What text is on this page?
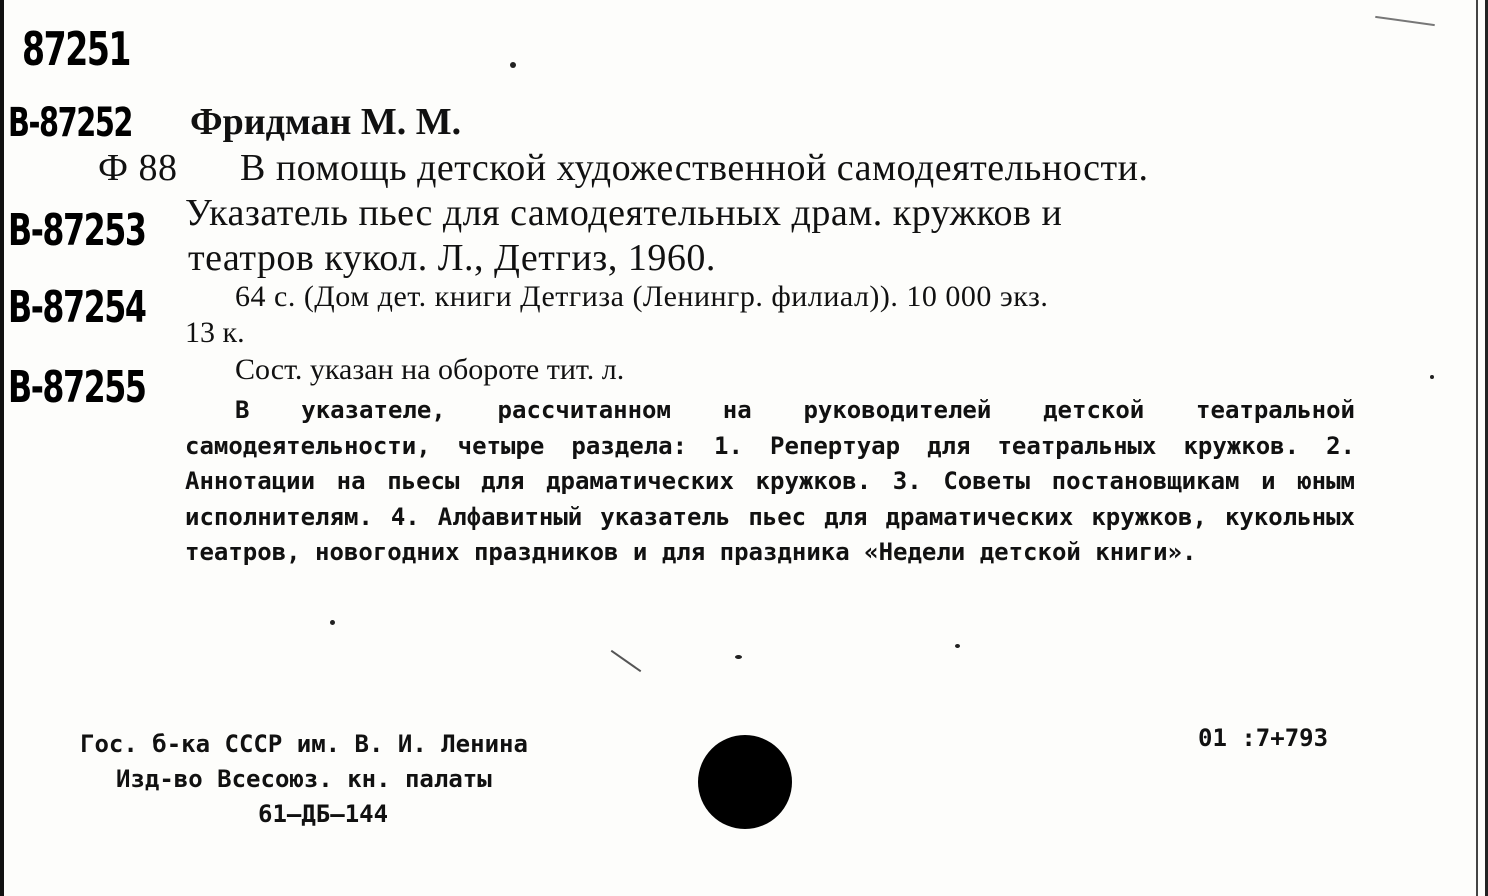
87251
В-87252
В-87253
В-87254
В-87255
Фридман М. М.
Ф 88 В помощь детской художественной самодеятельности.
Указатель пьес для самодеятельных драм. кружков и
театров кукол. Л., Детгиз, 1960.
64 с. (Дом дет. книги Детгиза (Ленингр. филиал)). 10 000 экз.
13 к.
Сост. указан на обороте тит. л.

В указателе, рассчитанном на руководителей детской театральной самодеятельности, четыре раздела: 1. Репертуар для театральных кружков. 2. Аннотации на пьесы для драматических кружков. 3. Советы постановщикам и юным исполнителям. 4. Алфавитный указатель пьес для драматических кружков, кукольных театров, новогодних праздников и для праздника «Недели детской книги».

Гос. б-ка СССР им. В. И. Ленина
Изд-во Всесоюз. кн. палаты
61—ДБ—144
01 :7+793
